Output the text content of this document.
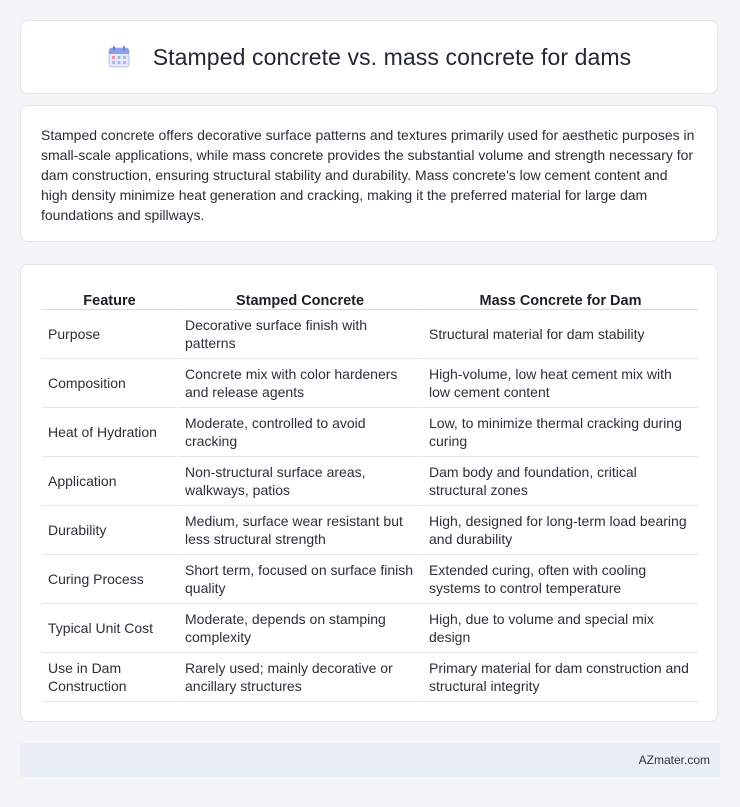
Stamped concrete vs. mass concrete for dams

Stamped concrete offers decorative surface patterns and textures primarily used for aesthetic purposes in small-scale applications, while mass concrete provides the substantial volume and strength necessary for dam construction, ensuring structural stability and durability. Mass concrete's low cement content and high density minimize heat generation and cracking, making it the preferred material for large dam foundations and spillways.

Feature	Stamped Concrete	Mass Concrete for Dam
Purpose	Decorative surface finish with patterns	Structural material for dam stability
Composition	Concrete mix with color hardeners and release agents	High-volume, low heat cement mix with low cement content
Heat of Hydration	Moderate, controlled to avoid cracking	Low, to minimize thermal cracking during curing
Application	Non-structural surface areas, walkways, patios	Dam body and foundation, critical structural zones
Durability	Medium, surface wear resistant but less structural strength	High, designed for long-term load bearing and durability
Curing Process	Short term, focused on surface finish quality	Extended curing, often with cooling systems to control temperature
Typical Unit Cost	Moderate, depends on stamping complexity	High, due to volume and special mix design
Use in Dam Construction	Rarely used; mainly decorative or ancillary structures	Primary material for dam construction and structural integrity
AZmater.com
